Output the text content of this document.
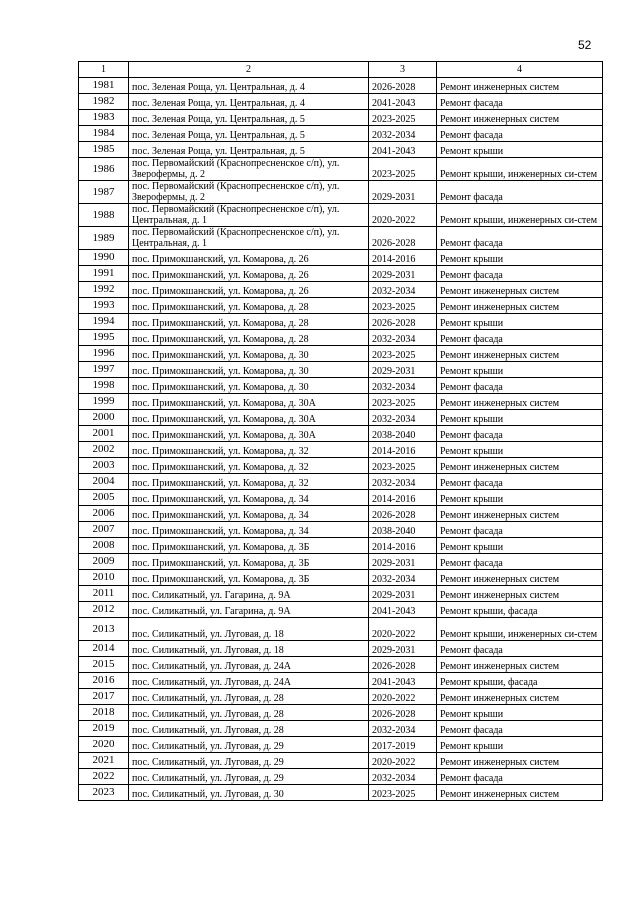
52
1	2	3	4
1981	пос. Зеленая Роща, ул. Центральная, д. 4	2026-2028	Ремонт инженерных систем
1982	пос. Зеленая Роща, ул. Центральная, д. 4	2041-2043	Ремонт фасада
1983	пос. Зеленая Роща, ул. Центральная, д. 5	2023-2025	Ремонт инженерных систем
1984	пос. Зеленая Роща, ул. Центральная, д. 5	2032-2034	Ремонт фасада
1985	пос. Зеленая Роща, ул. Центральная, д. 5	2041-2043	Ремонт крыши
1986	пос. Первомайский (Краснопресненское с/п), ул. Зверофермы, д. 2	2023-2025	Ремонт крыши, инженерных си-стем
1987	пос. Первомайский (Краснопресненское с/п), ул. Зверофермы, д. 2	2029-2031	Ремонт фасада
1988	пос. Первомайский (Краснопресненское с/п), ул. Центральная, д. 1	2020-2022	Ремонт крыши, инженерных си-стем
1989	пос. Первомайский (Краснопресненское с/п), ул. Центральная, д. 1	2026-2028	Ремонт фасада
1990	пос. Примокшанский, ул. Комарова, д. 26	2014-2016	Ремонт крыши
1991	пос. Примокшанский, ул. Комарова, д. 26	2029-2031	Ремонт фасада
1992	пос. Примокшанский, ул. Комарова, д. 26	2032-2034	Ремонт инженерных систем
1993	пос. Примокшанский, ул. Комарова, д. 28	2023-2025	Ремонт инженерных систем
1994	пос. Примокшанский, ул. Комарова, д. 28	2026-2028	Ремонт крыши
1995	пос. Примокшанский, ул. Комарова, д. 28	2032-2034	Ремонт фасада
1996	пос. Примокшанский, ул. Комарова, д. 30	2023-2025	Ремонт инженерных систем
1997	пос. Примокшанский, ул. Комарова, д. 30	2029-2031	Ремонт крыши
1998	пос. Примокшанский, ул. Комарова, д. 30	2032-2034	Ремонт фасада
1999	пос. Примокшанский, ул. Комарова, д. 30А	2023-2025	Ремонт инженерных систем
2000	пос. Примокшанский, ул. Комарова, д. 30А	2032-2034	Ремонт крыши
2001	пос. Примокшанский, ул. Комарова, д. 30А	2038-2040	Ремонт фасада
2002	пос. Примокшанский, ул. Комарова, д. 32	2014-2016	Ремонт крыши
2003	пос. Примокшанский, ул. Комарова, д. 32	2023-2025	Ремонт инженерных систем
2004	пос. Примокшанский, ул. Комарова, д. 32	2032-2034	Ремонт фасада
2005	пос. Примокшанский, ул. Комарова, д. 34	2014-2016	Ремонт крыши
2006	пос. Примокшанский, ул. Комарова, д. 34	2026-2028	Ремонт инженерных систем
2007	пос. Примокшанский, ул. Комарова, д. 34	2038-2040	Ремонт фасада
2008	пос. Примокшанский, ул. Комарова, д. 3Б	2014-2016	Ремонт крыши
2009	пос. Примокшанский, ул. Комарова, д. 3Б	2029-2031	Ремонт фасада
2010	пос. Примокшанский, ул. Комарова, д. 3Б	2032-2034	Ремонт инженерных систем
2011	пос. Силикатный, ул. Гагарина, д. 9А	2029-2031	Ремонт инженерных систем
2012	пос. Силикатный, ул. Гагарина, д. 9А	2041-2043	Ремонт крыши, фасада
2013	пос. Силикатный, ул. Луговая, д. 18	2020-2022	Ремонт крыши, инженерных си-стем
2014	пос. Силикатный, ул. Луговая, д. 18	2029-2031	Ремонт фасада
2015	пос. Силикатный, ул. Луговая, д. 24А	2026-2028	Ремонт инженерных систем
2016	пос. Силикатный, ул. Луговая, д. 24А	2041-2043	Ремонт крыши, фасада
2017	пос. Силикатный, ул. Луговая, д. 28	2020-2022	Ремонт инженерных систем
2018	пос. Силикатный, ул. Луговая, д. 28	2026-2028	Ремонт крыши
2019	пос. Силикатный, ул. Луговая, д. 28	2032-2034	Ремонт фасада
2020	пос. Силикатный, ул. Луговая, д. 29	2017-2019	Ремонт крыши
2021	пос. Силикатный, ул. Луговая, д. 29	2020-2022	Ремонт инженерных систем
2022	пос. Силикатный, ул. Луговая, д. 29	2032-2034	Ремонт фасада
2023	пос. Силикатный, ул. Луговая, д. 30	2023-2025	Ремонт инженерных систем
